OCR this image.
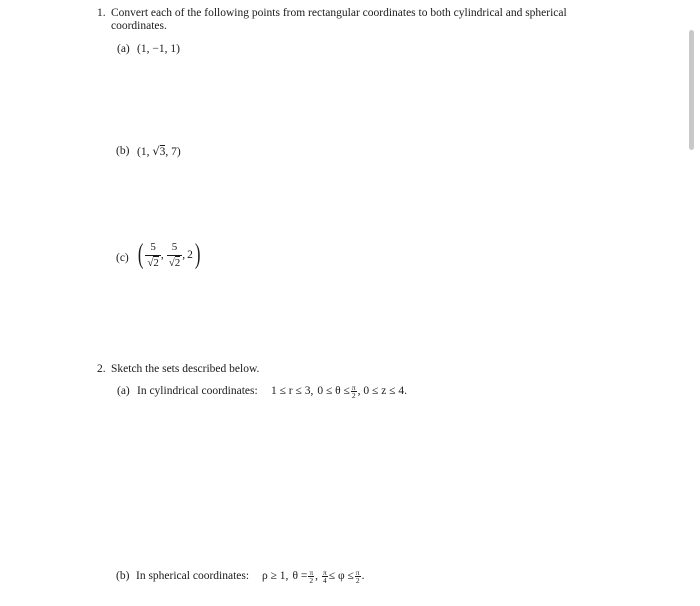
1. Convert each of the following points from rectangular coordinates to both cylindrical and spherical
coordinates.
(a) (1, −1, 1)
(b) (1, √3, 7)
(c) ( $\frac{5}{√2}$ , $\frac{5}{√2}$ , 2 )
2. Sketch the sets described below.
(a) In cylindrical coordinates: 1 ≤ r ≤ 3, $0 \le \theta \le \frac{\pi}{2}$ , 0 ≤ z ≤ 4.
(b) In spherical coordinates: ρ ≥ 1, $\theta = \frac{\pi}{2}$ , $\frac{\pi}{4} \le \varphi \le \frac{\pi}{2}$ .
